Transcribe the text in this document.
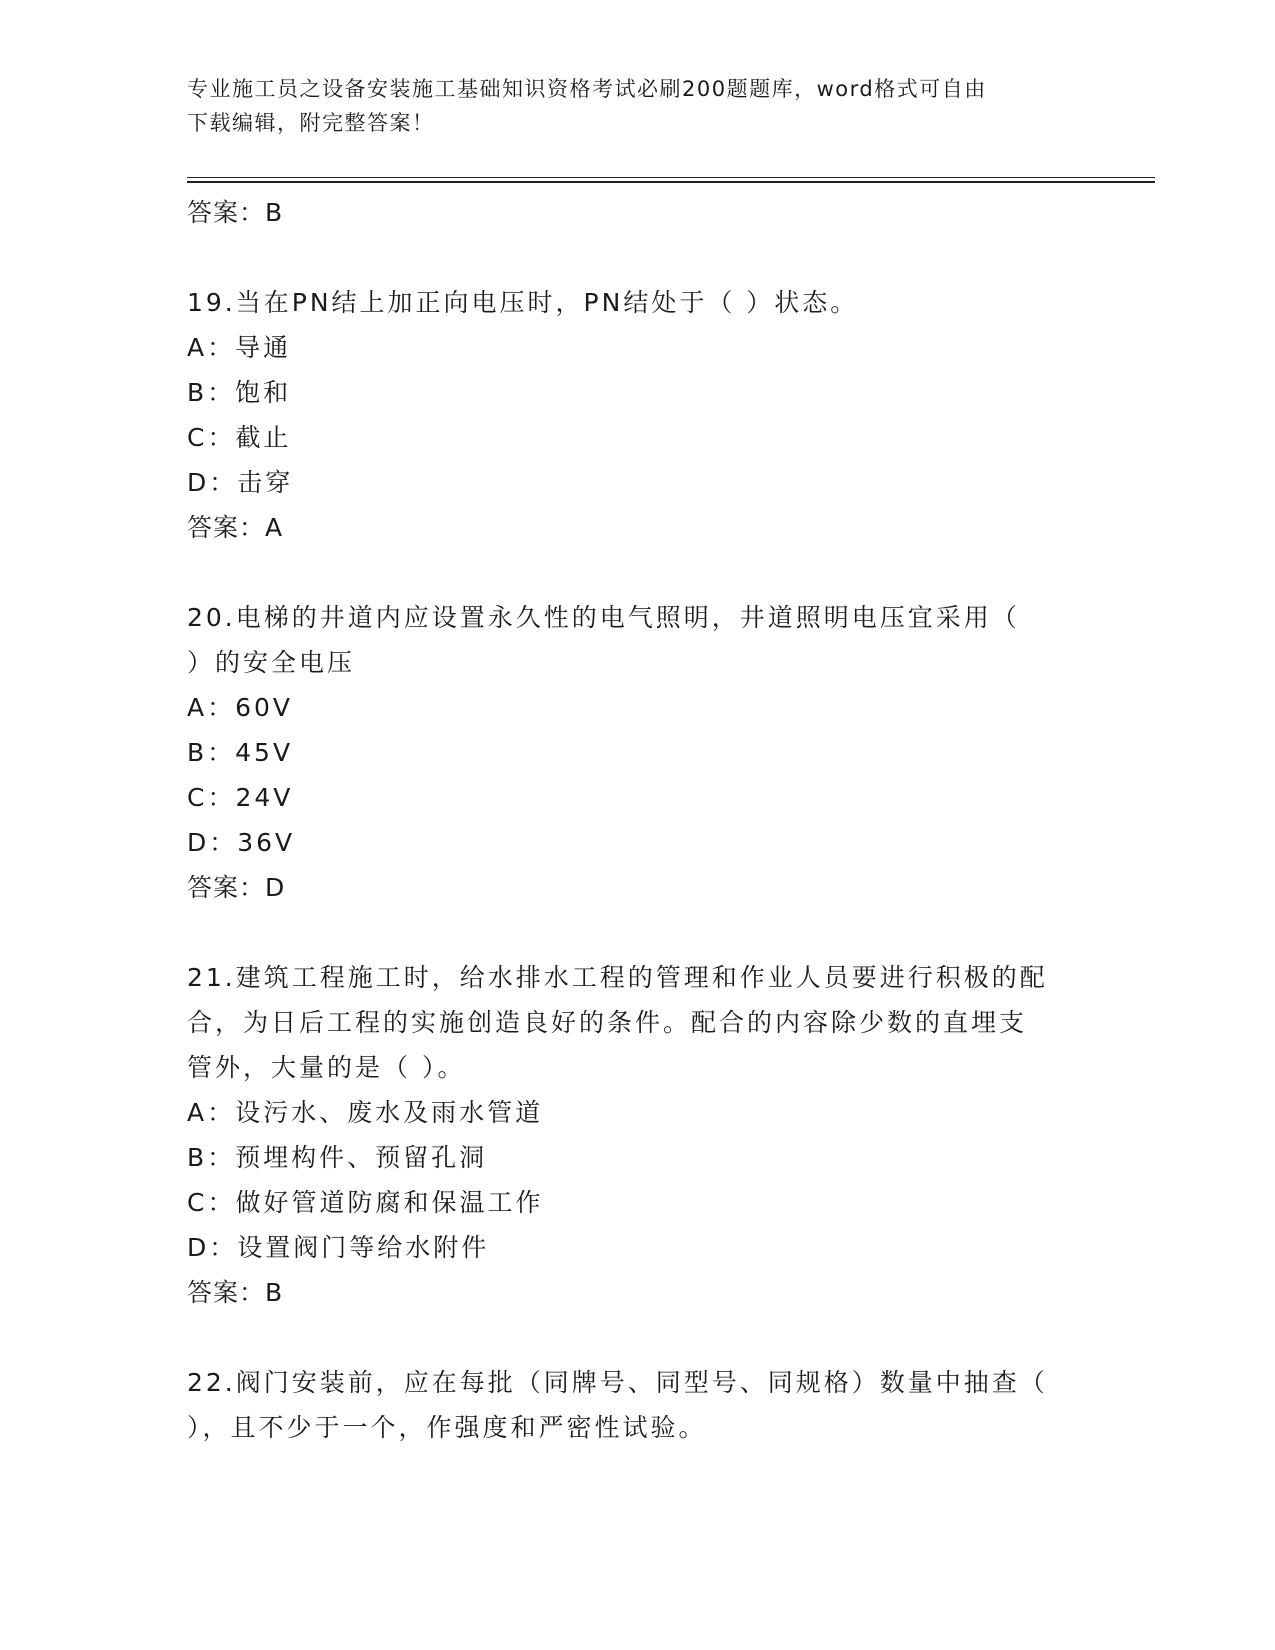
专业施工员之设备安装施工基础知识资格考试必刷200题题库，word格式可自由
下载编辑，附完整答案！
答案：B
19.当在PN结上加正向电压时，PN结处于（ ）状态。
A：导通
B：饱和
C：截止
D：击穿
答案：A
20.电梯的井道内应设置永久性的电气照明，井道照明电压宜采用（
）的安全电压
A：60V
B：45V
C：24V
D：36V
答案：D
21.建筑工程施工时，给水排水工程的管理和作业人员要进行积极的配
合，为日后工程的实施创造良好的条件。配合的内容除少数的直埋支
管外，大量的是（ ）。
A：设污水、废水及雨水管道
B：预埋构件、预留孔洞
C：做好管道防腐和保温工作
D：设置阀门等给水附件
答案：B
22.阀门安装前，应在每批（同牌号、同型号、同规格）数量中抽查（
），且不少于一个，作强度和严密性试验。
